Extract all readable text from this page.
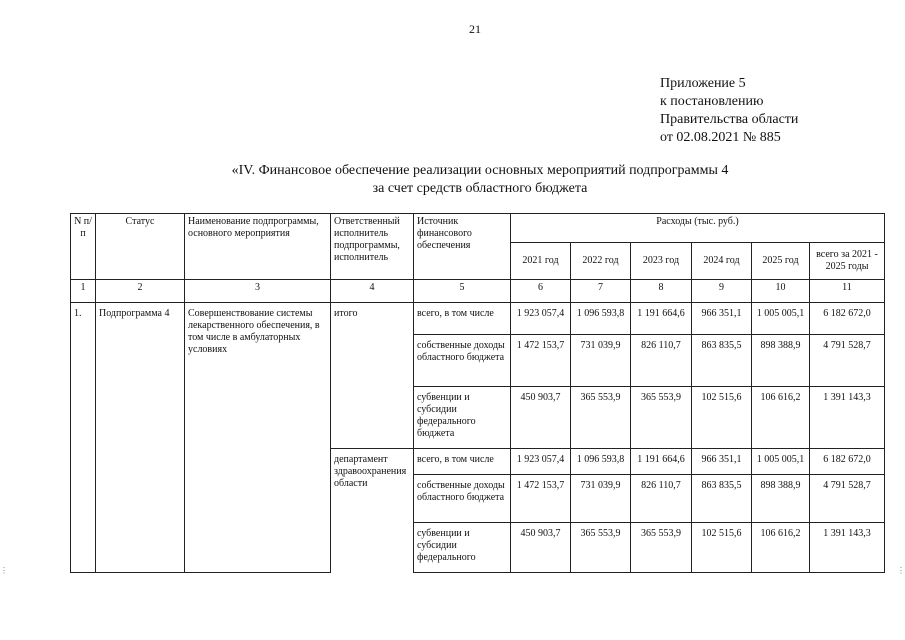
21
Приложение 5
к постановлению
Правительства области
от 02.08.2021 № 885
«IV. Финансовое обеспечение реализации основных мероприятий подпрограммы 4
за счет средств областного бюджета
N п/п	Статус	Наименование подпрограммы, основного мероприятия	Ответственный исполнитель подпрограммы, исполнитель	Источник финансового обеспечения	Расходы (тыс. руб.)					
					2021 год	2022 год	2023 год	2024 год	2025 год	всего за 2021 - 2025 годы
1	2	3	4	5	6	7	8	9	10	11
1.	Подпрограмма 4	Совершенствование системы лекарственного обеспечения, в том числе в амбулаторных условиях	итого	всего, в том числе	1 923 057,4	1 096 593,8	1 191 664,6	966 351,1	1 005 005,1	6 182 672,0
				собственные доходы областного бюджета	1 472 153,7	731 039,9	826 110,7	863 835,5	898 388,9	4 791 528,7
				субвенции и субсидии федерального бюджета	450 903,7	365 553,9	365 553,9	102 515,6	106 616,2	1 391 143,3
			департамент здравоохранения области	всего, в том числе	1 923 057,4	1 096 593,8	1 191 664,6	966 351,1	1 005 005,1	6 182 672,0
				собственные доходы областного бюджета	1 472 153,7	731 039,9	826 110,7	863 835,5	898 388,9	4 791 528,7
				субвенции и субсидии федерального	450 903,7	365 553,9	365 553,9	102 515,6	106 616,2	1 391 143,3
⋮	⋮
